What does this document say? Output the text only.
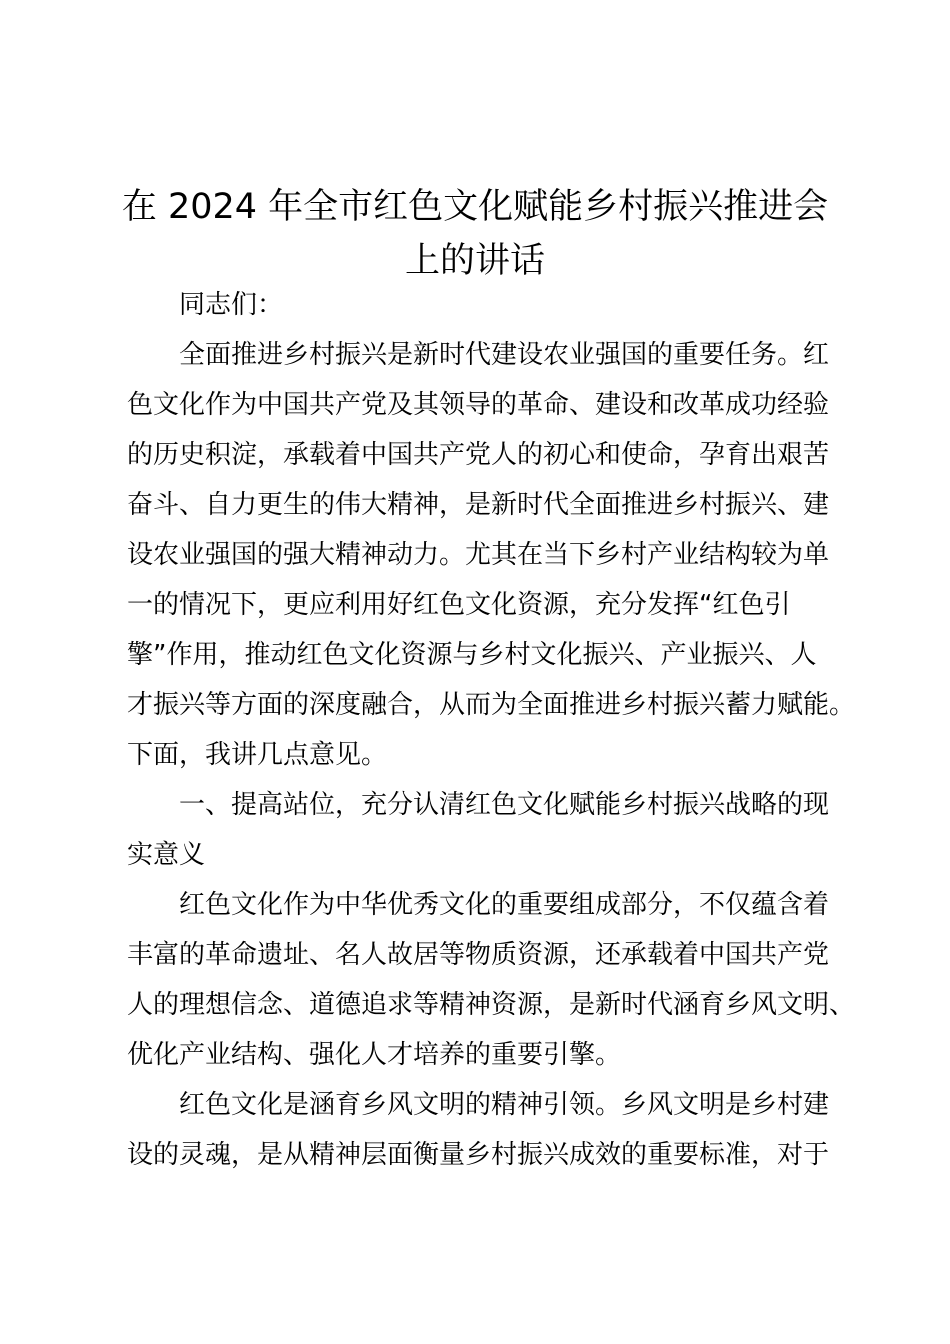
在 2024 年全市红色文化赋能乡村振兴推进会
上的讲话
同志们：
全面推进乡村振兴是新时代建设农业强国的重要任务。红
色文化作为中国共产党及其领导的革命、建设和改革成功经验
的历史积淀，承载着中国共产党人的初心和使命，孕育出艰苦
奋斗、自力更生的伟大精神，是新时代全面推进乡村振兴、建
设农业强国的强大精神动力。尤其在当下乡村产业结构较为单
一的情况下，更应利用好红色文化资源，充分发挥“红色引
擎”作用，推动红色文化资源与乡村文化振兴、产业振兴、人
才振兴等方面的深度融合，从而为全面推进乡村振兴蓄力赋能。
下面，我讲几点意见。
一、提高站位，充分认清红色文化赋能乡村振兴战略的现
实意义
红色文化作为中华优秀文化的重要组成部分，不仅蕴含着
丰富的革命遗址、名人故居等物质资源，还承载着中国共产党
人的理想信念、道德追求等精神资源，是新时代涵育乡风文明、
优化产业结构、强化人才培养的重要引擎。
红色文化是涵育乡风文明的精神引领。乡风文明是乡村建
设的灵魂，是从精神层面衡量乡村振兴成效的重要标准，对于
